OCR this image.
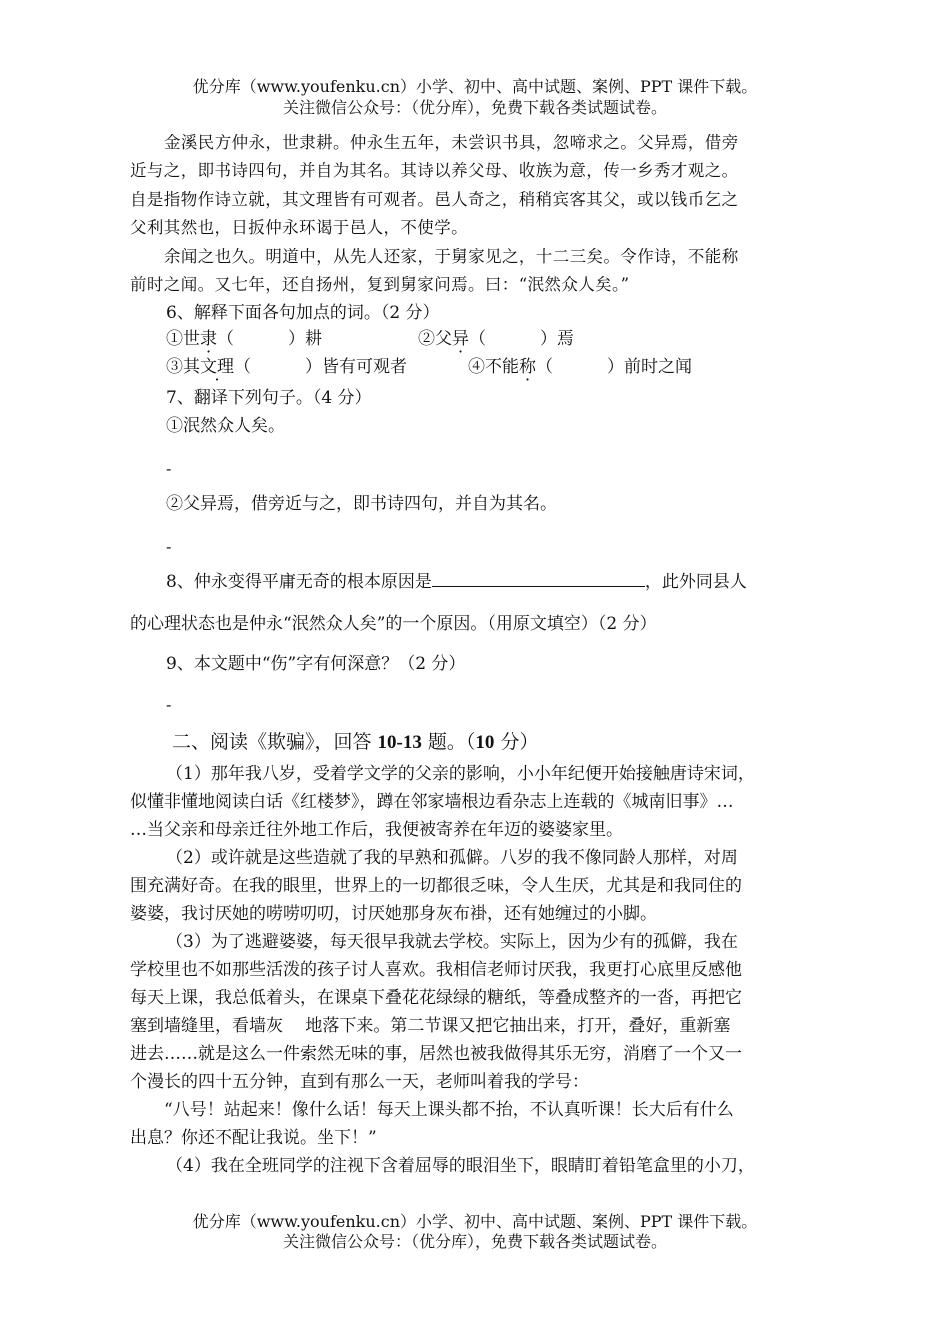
优分库（www.youfenku.cn）小学、初中、高中试题、案例、PPT 课件下载。
关注微信公众号：（优分库），免费下载各类试题试卷。
金溪民方仲永，世隶耕。仲永生五年，未尝识书具，忽啼求之。父异焉，借旁
近与之，即书诗四句，并自为其名。其诗以养父母、收族为意，传一乡秀才观之。
自是指物作诗立就，其文理皆有可观者。邑人奇之，稍稍宾客其父，或以钱币乞之
父利其然也，日扳仲永环谒于邑人，不使学。
余闻之也久。明道中，从先人还家，于舅家见之，十二三矣。令作诗，不能称
前时之闻。又七年，还自扬州，复到舅家问焉。曰：“泯然众人矣。”
6、解释下面各句加点的词。（2 分）
①世隶（          ）耕	②父异（          ）焉
③其文理（          ）皆有可观者	④不能称（          ）前时之闻
7、翻译下列句子。（4 分）
①泯然众人矣。
-
②父异焉，借旁近与之，即书诗四句，并自为其名。
-
8、仲永变得平庸无奇的根本原因是	，此外同县人
的心理状态也是仲永“泯然众人矣”的一个原因。（用原文填空）（2 分）
9、本文题中“伤”字有何深意？（2 分）
-
二、阅读《欺骗》，回答 10-13 题。（10 分）
（1）那年我八岁，受着学文学的父亲的影响，小小年纪便开始接触唐诗宋词，
似懂非懂地阅读白话《红楼梦》，蹲在邻家墙根边看杂志上连载的《城南旧事》…
…当父亲和母亲迁往外地工作后，我便被寄养在年迈的婆婆家里。
（2）或许就是这些造就了我的早熟和孤僻。八岁的我不像同龄人那样，对周
围充满好奇。在我的眼里，世界上的一切都很乏味，令人生厌，尤其是和我同住的
婆婆，我讨厌她的唠唠叨叨，讨厌她那身灰布褂，还有她缠过的小脚。
（3）为了逃避婆婆，每天很早我就去学校。实际上，因为少有的孤僻，我在
学校里也不如那些活泼的孩子讨人喜欢。我相信老师讨厌我，我更打心底里反感他
每天上课，我总低着头，在课桌下叠花花绿绿的糖纸，等叠成整齐的一沓，再把它
塞到墙缝里，看墙灰　 地落下来。第二节课又把它抽出来，打开，叠好，重新塞
进去……就是这么一件索然无味的事，居然也被我做得其乐无穷，消磨了一个又一
个漫长的四十五分钟，直到有那么一天，老师叫着我的学号：
“八号！站起来！像什么话！每天上课头都不抬，不认真听课！长大后有什么
出息？你还不配让我说。坐下！”
（4）我在全班同学的注视下含着屈辱的眼泪坐下，眼睛盯着铅笔盒里的小刀，
优分库（www.youfenku.cn）小学、初中、高中试题、案例、PPT 课件下载。
关注微信公众号：（优分库），免费下载各类试题试卷。
